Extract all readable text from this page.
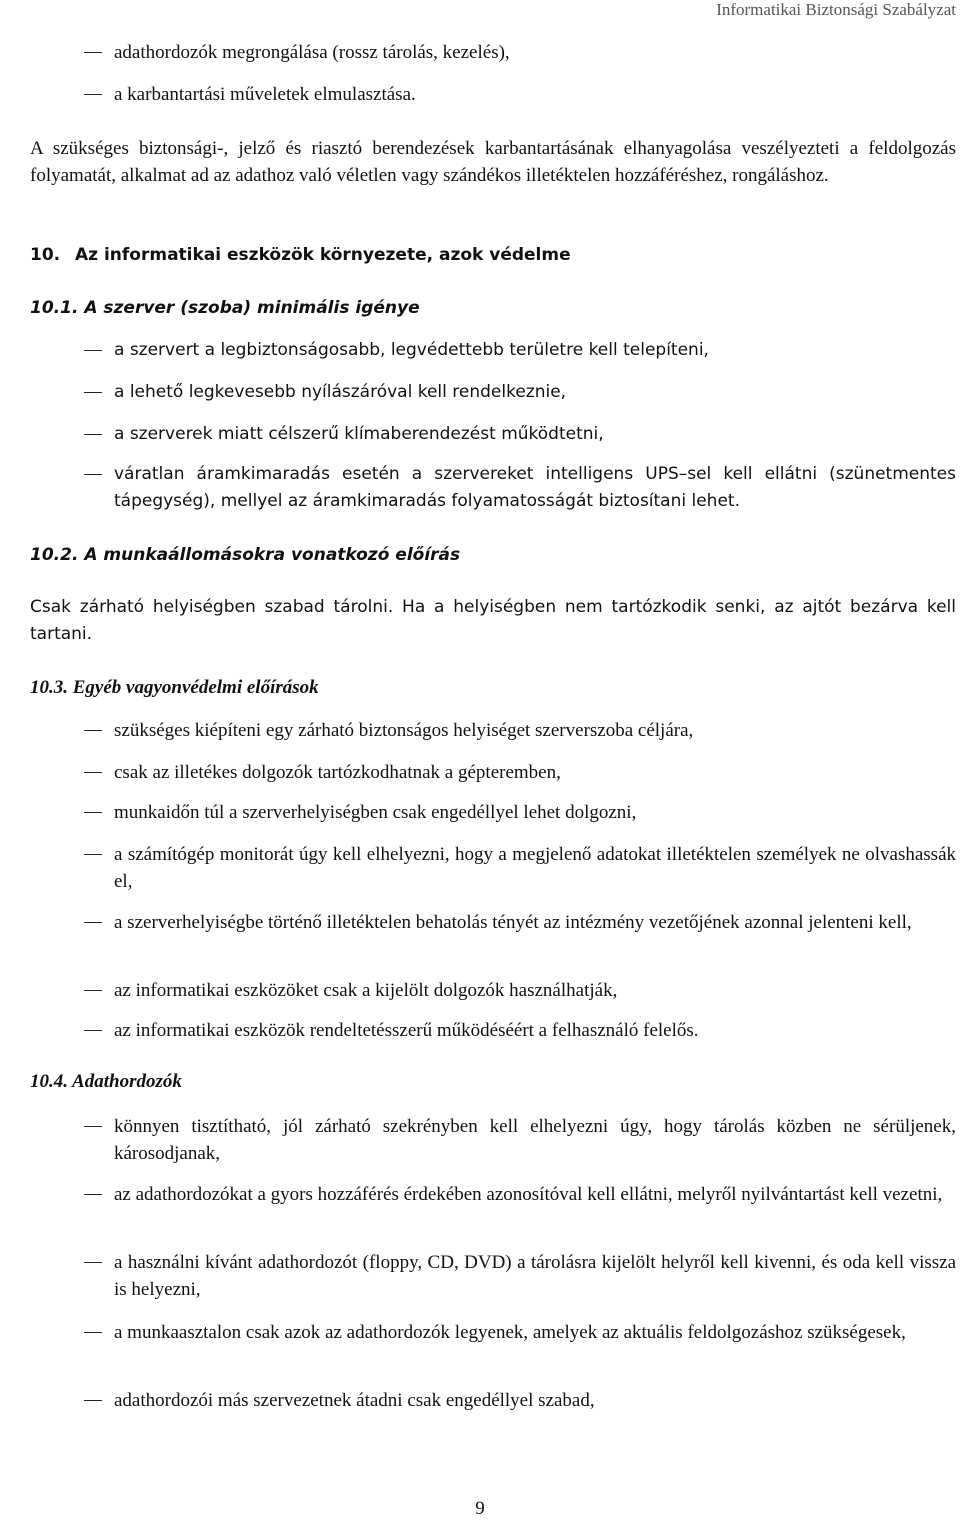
Informatikai Biztonsági Szabályzat
adathordozók megrongálása (rossz tárolás, kezelés),
a karbantartási műveletek elmulasztása.
A szükséges biztonsági-, jelző és riasztó berendezések karbantartásának elhanyagolása veszélyezteti a feldolgozás folyamatát, alkalmat ad az adathoz való véletlen vagy szándékos illetéktelen hozzáféréshez, rongáláshoz.
10. Az informatikai eszközök környezete, azok védelme
10.1. A szerver (szoba) minimális igénye
a szervert a legbiztonságosabb, legvédettebb területre kell telepíteni,
a lehető legkevesebb nyílászáróval kell rendelkeznie,
a szerverek miatt célszerű klímaberendezést működtetni,
váratlan áramkimaradás esetén a szervereket intelligens UPS–sel kell ellátni (szünetmentes tápegység), mellyel az áramkimaradás folyamatosságát biztosítani lehet.
10.2. A munkaállomásokra vonatkozó előírás
Csak zárható helyiségben szabad tárolni. Ha a helyiségben nem tartózkodik senki, az ajtót bezárva kell tartani.
10.3. Egyéb vagyonvédelmi előírások
szükséges kiépíteni egy zárható biztonságos helyiséget szerverszoba céljára,
csak az illetékes dolgozók tartózkodhatnak a gépteremben,
munkaidőn túl a szerverhelyiségben csak engedéllyel lehet dolgozni,
a számítógép monitorát úgy kell elhelyezni, hogy a megjelenő adatokat illetéktelen személyek ne olvashassák el,
a szerverhelyiségbe történő illetéktelen behatolás tényét az intézmény vezetőjének azonnal jelenteni kell,
az informatikai eszközöket csak a kijelölt dolgozók használhatják,
az informatikai eszközök rendeltetésszerű működéséért a felhasználó felelős.
10.4. Adathordozók
könnyen tisztítható, jól zárható szekrényben kell elhelyezni úgy, hogy tárolás közben ne sérüljenek, károsodjanak,
az adathordozókat a gyors hozzáférés érdekében azonosítóval kell ellátni, melyről nyilvántartást kell vezetni,
a használni kívánt adathordozót (floppy, CD, DVD) a tárolásra kijelölt helyről kell kivenni, és oda kell vissza is helyezni,
a munkaasztalon csak azok az adathordozók legyenek, amelyek az aktuális feldolgozáshoz szükségesek,
adathordozói más szervezetnek átadni csak engedéllyel szabad,
9
